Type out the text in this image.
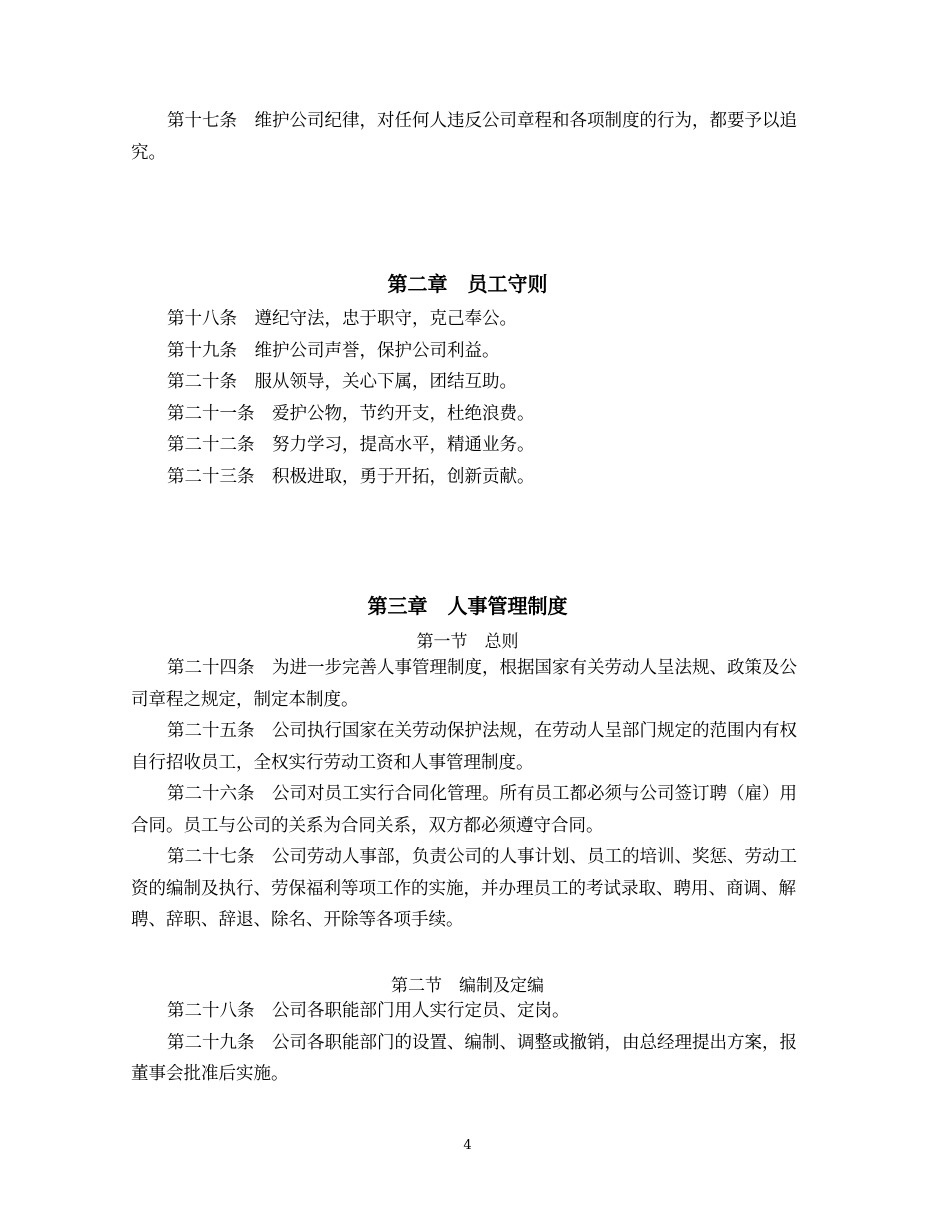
第十七条　 维护公司纪律，对任何人违反公司章程和各项制度的行为，都要予以追究。

第二章　员工守则

第十八条　 遵纪守法，忠于职守，克己奉公。

第十九条　 维护公司声誉，保护公司利益。

第二十条　 服从领导，关心下属，团结互助。

第二十一条　 爱护公物，节约开支，杜绝浪费。

第二十二条　 努力学习，提高水平，精通业务。

第二十三条　 积极进取，勇于开拓，创新贡献。

第三章　人事管理制度
第一节　总则

第二十四条　 为进一步完善人事管理制度，根据国家有关劳动人呈法规、政策及公司章程之规定，制定本制度。

第二十五条　 公司执行国家在关劳动保护法规，在劳动人呈部门规定的范围内有权自行招收员工，全权实行劳动工资和人事管理制度。

第二十六条　 公司对员工实行合同化管理。所有员工都必须与公司签订聘（雇）用合同。员工与公司的关系为合同关系，双方都必须遵守合同。

第二十七条　 公司劳动人事部，负责公司的人事计划、员工的培训、奖惩、劳动工资的编制及执行、劳保福利等项工作的实施，并办理员工的考试录取、聘用、商调、解聘、辞职、辞退、除名、开除等各项手续。

第二节　编制及定编

第二十八条　 公司各职能部门用人实行定员、定岗。

第二十九条　 公司各职能部门的设置、编制、调整或撤销，由总经理提出方案，报董事会批准后实施。

4
